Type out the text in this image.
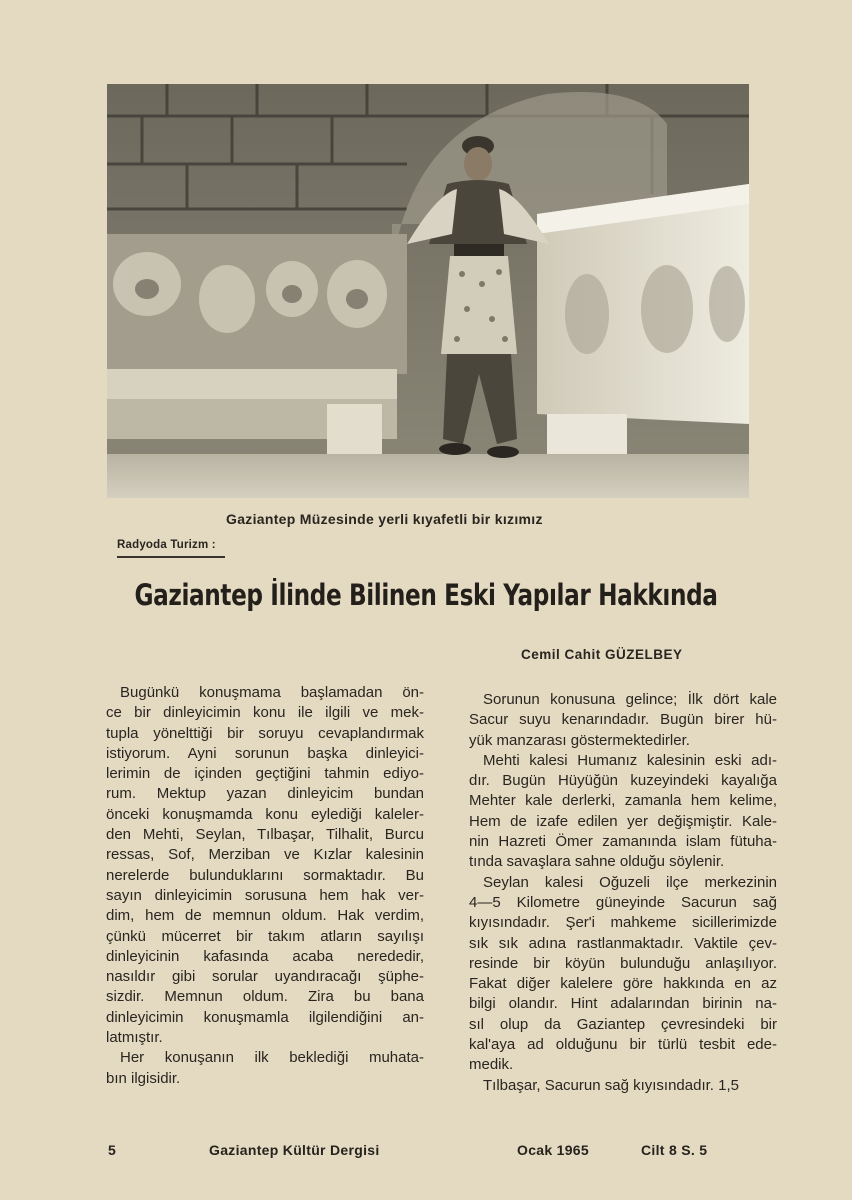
Gaziantep Müzesinde yerli kıyafetli bir kızımız
Radyoda Turizm :
Gaziantep İlinde Bilinen Eski Yapılar Hakkında
Cemil Cahit GÜZELBEY
Bugünkü konuşmama başlamadan ön-
ce bir dinleyicimin konu ile ilgili ve mek-
tupla yönelttiği bir soruyu cevaplandırmak
istiyorum. Ayni sorunun başka dinleyici-
lerimin de içinden geçtiğini tahmin ediyo-
rum. Mektup yazan dinleyicim bundan
önceki konuşmamda konu eylediği kaleler-
den Mehti, Seylan, Tılbaşar, Tilhalit, Burcu
ressas, Sof, Merziban ve Kızlar kalesinin
nerelerde bulunduklarını sormaktadır. Bu
sayın dinleyicimin sorusuna hem hak ver-
dim, hem de memnun oldum. Hak verdim,
çünkü mücerret bir takım atların sayılışı
dinleyicinin kafasında acaba nerededir,
nasıldır gibi sorular uyandıracağı şüphe-
sizdir. Memnun oldum. Zira bu bana
dinleyicimin konuşmamla ilgilendiğini an-
latmıştır.
Her konuşanın ilk beklediği muhata-
bın ilgisidir.
Sorunun konusuna gelince; İlk dört kale
Sacur suyu kenarındadır. Bugün birer hü-
yük manzarası göstermektedirler.
Mehti kalesi Humanız kalesinin eski adı-
dır. Bugün Hüyüğün kuzeyindeki kayalığa
Mehter kale derlerki, zamanla hem kelime,
Hem de izafe edilen yer değişmiştir. Kale-
nin Hazreti Ömer zamanında islam fütuha-
tında savaşlara sahne olduğu söylenir.
Seylan kalesi Oğuzeli ilçe merkezinin
4—5 Kilometre güneyinde Sacurun sağ
kıyısındadır. Şer'i mahkeme sicillerimizde
sık sık adına rastlanmaktadır. Vaktile çev-
resinde bir köyün bulunduğu anlaşılıyor.
Fakat diğer kalelere göre hakkında en az
bilgi olandır. Hint adalarından birinin na-
sıl olup da Gaziantep çevresindeki bir
kal'aya ad olduğunu bir türlü tesbit ede-
medik.
Tılbaşar, Sacurun sağ kıyısındadır. 1,5
5	Gaziantep Kültür Dergisi	Ocak 1965	Cilt 8 S. 5
